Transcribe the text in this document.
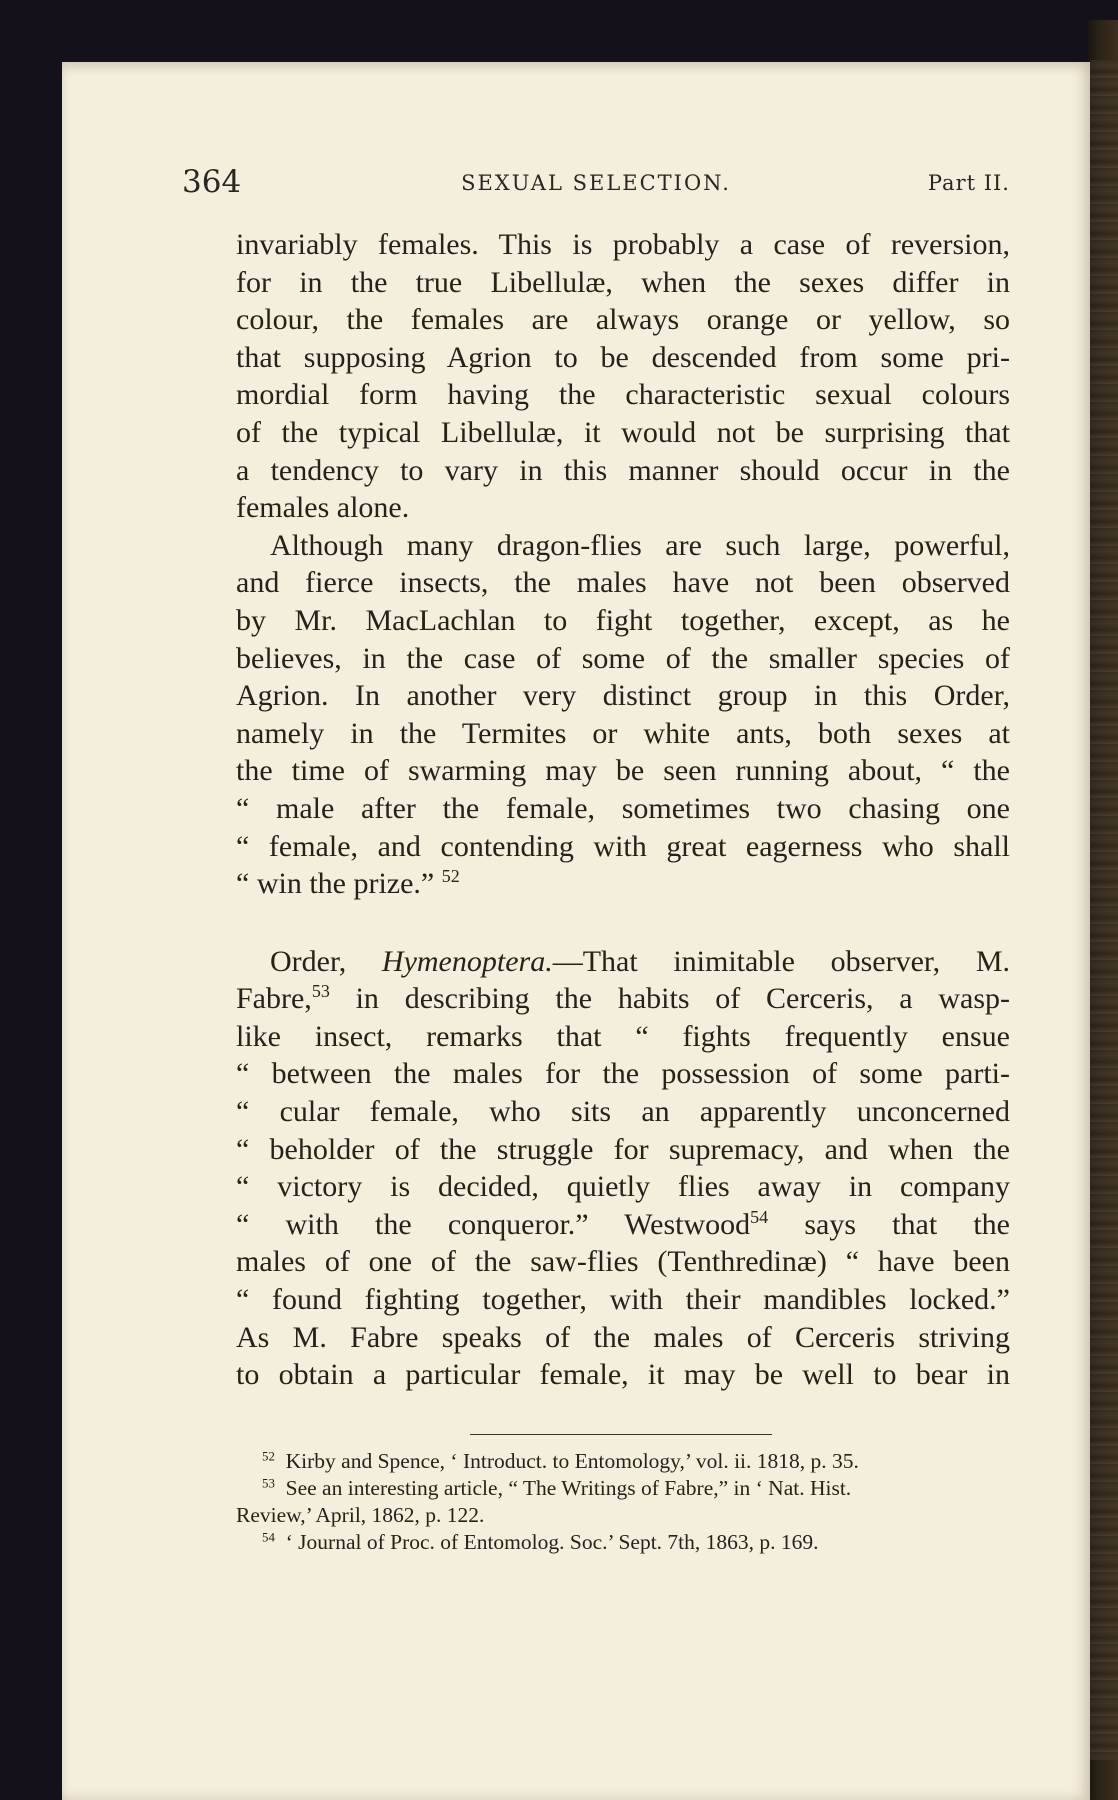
364	SEXUAL SELECTION.	Part II.

invariably females. This is probably a case of reversion,
for in the true Libellulæ, when the sexes differ in
colour, the females are always orange or yellow, so
that supposing Agrion to be descended from some pri-
mordial form having the characteristic sexual colours
of the typical Libellulæ, it would not be surprising that
a tendency to vary in this manner should occur in the
females alone.

Although many dragon-flies are such large, powerful,
and fierce insects, the males have not been observed
by Mr. MacLachlan to fight together, except, as he
believes, in the case of some of the smaller species of
Agrion. In another very distinct group in this Order,
namely in the Termites or white ants, both sexes at
the time of swarming may be seen running about, “ the
“ male after the female, sometimes two chasing one
“ female, and contending with great eagerness who shall
“ win the prize.” $^{52}$

Order, Hymenoptera.—That inimitable observer, M.
Fabre,$^{53}$ in describing the habits of Cerceris, a wasp-
like insect, remarks that “ fights frequently ensue
“ between the males for the possession of some parti-
“ cular female, who sits an apparently unconcerned
“ beholder of the struggle for supremacy, and when the
“ victory is decided, quietly flies away in company
“ with the conqueror.” Westwood$^{54}$ says that the
males of one of the saw-flies (Tenthredinæ) “ have been
“ found fighting together, with their mandibles locked.”
As M. Fabre speaks of the males of Cerceris striving
to obtain a particular female, it may be well to bear in

$^{52}$ Kirby and Spence, ‘ Introduct. to Entomology,’ vol. ii. 1818, p. 35.
$^{53}$ See an interesting article, “ The Writings of Fabre,” in ‘ Nat. Hist.
Review,’ April, 1862, p. 122.
$^{54}$ ‘ Journal of Proc. of Entomolog. Soc.’ Sept. 7th, 1863, p. 169.
